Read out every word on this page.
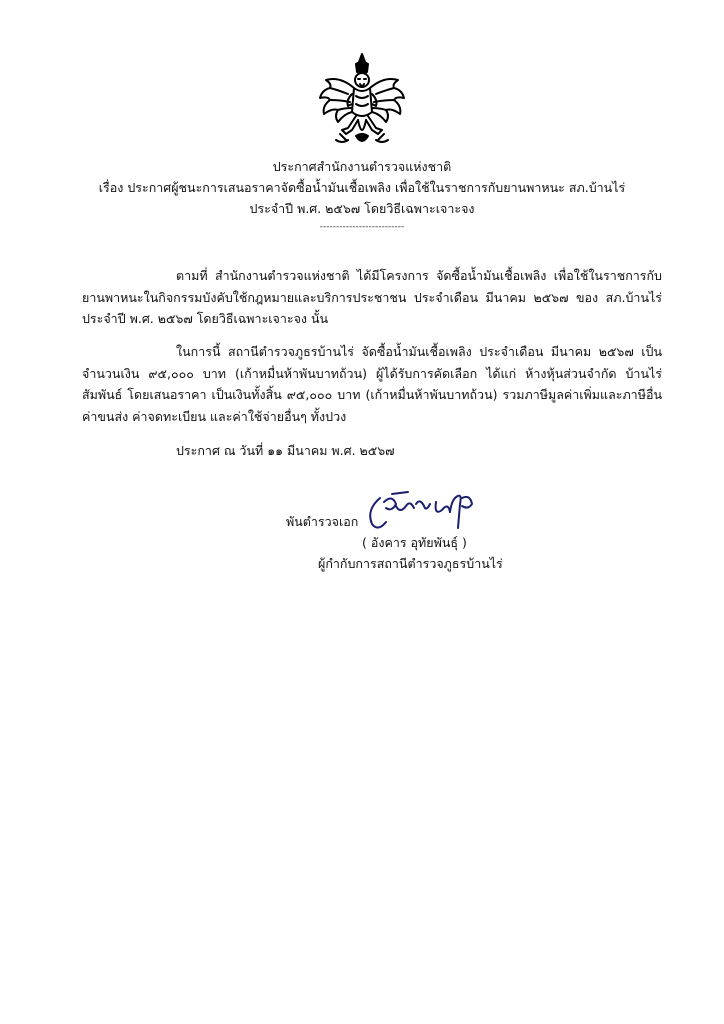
ประกาศสำนักงานตำรวจแห่งชาติ
เรื่อง ประกาศผู้ชนะการเสนอราคาจัดซื้อน้ำมันเชื้อเพลิง เพื่อใช้ในราชการกับยานพาหนะ สภ.บ้านไร่
ประจำปี พ.ศ. ๒๕๖๗ โดยวิธีเฉพาะเจาะจง
--------------------------
ตามที่ สำนักงานตำรวจแห่งชาติ ได้มีโครงการ จัดซื้อน้ำมันเชื้อเพลิง เพื่อใช้ในราชการกับยานพาหนะในกิจกรรมบังคับใช้กฎหมายและบริการประชาชน ประจำเดือน มีนาคม ๒๕๖๗ ของ สภ.บ้านไร่ ประจำปี พ.ศ. ๒๕๖๗ โดยวิธีเฉพาะเจาะจง นั้น
ในการนี้ สถานีตำรวจภูธรบ้านไร่ จัดซื้อน้ำมันเชื้อเพลิง ประจำเดือน มีนาคม ๒๕๖๗ เป็นจำนวนเงิน ๙๕,๐๐๐ บาท (เก้าหมื่นห้าพันบาทถ้วน) ผู้ได้รับการคัดเลือก ได้แก่ ห้างหุ้นส่วนจำกัด บ้านไร่สัมพันธ์ โดยเสนอราคา เป็นเงินทั้งสิ้น ๙๕,๐๐๐ บาท (เก้าหมื่นห้าพันบาทถ้วน) รวมภาษีมูลค่าเพิ่มและภาษีอื่น ค่าขนส่ง ค่าจดทะเบียน และค่าใช้จ่ายอื่นๆ ทั้งปวง
ประกาศ ณ วันที่ ๑๑ มีนาคม พ.ศ. ๒๕๖๗
พันตำรวจเอก
( อังคาร อุทัยพันธุ์ )
ผู้กำกับการสถานีตำรวจภูธรบ้านไร่
